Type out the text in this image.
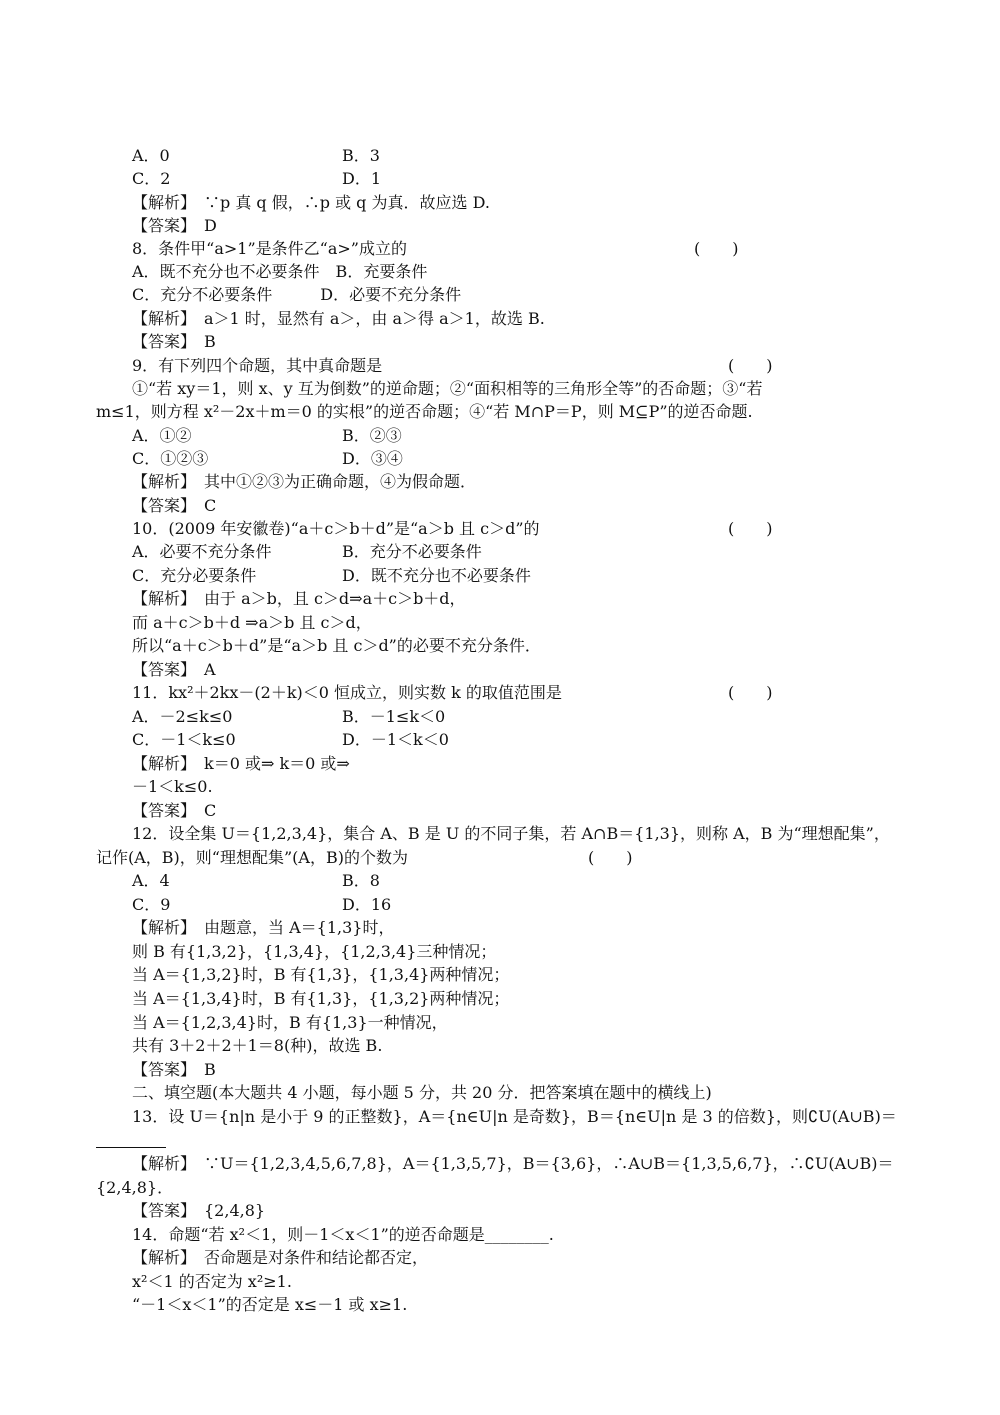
A．0	B．3
C．2	D．1
【解析】　∵p 真 q 假，∴p 或 q 为真．故应选 D.
【答案】　D
8．条件甲“a>1”是条件乙“a>”成立的	(　　)
A．既不充分也不必要条件　B．充要条件
C．充分不必要条件　　　D．必要不充分条件
【解析】　a＞1 时，显然有 a＞，由 a＞得 a＞1，故选 B.
【答案】　B
9．有下列四个命题，其中真命题是	(　　)
①“若 xy＝1，则 x、y 互为倒数”的逆命题；②“面积相等的三角形全等”的否命题；③“若
m≤1，则方程 x²－2x＋m＝0 的实根”的逆否命题；④“若 M∩P＝P，则 M⊆P”的逆否命题.
A．①②	B．②③
C．①②③	D．③④
【解析】　其中①②③为正确命题，④为假命题．
【答案】　C
10．(2009 年安徽卷)“a＋c＞b＋d”是“a＞b 且 c＞d”的	(　　)
A．必要不充分条件	B．充分不必要条件
C．充分必要条件	D．既不充分也不必要条件
【解析】　由于 a＞b，且 c＞d⇒a＋c＞b＋d，
而 a＋c＞b＋d ⇒a＞b 且 c＞d，
所以“a＋c＞b＋d”是“a＞b 且 c＞d”的必要不充分条件．
【答案】　A
11．kx²＋2kx－(2＋k)＜0 恒成立，则实数 k 的取值范围是	(　　)
A．－2≤k≤0	B．－1≤k＜0
C．－1＜k≤0	D．－1＜k＜0
【解析】　k＝0 或⇒ k＝0 或⇒
－1＜k≤0.
【答案】　C
12．设全集 U＝{1,2,3,4}，集合 A、B 是 U 的不同子集，若 A∩B＝{1,3}，则称 A，B 为“理想配集”，
记作(A，B)，则“理想配集”(A，B)的个数为	(　　)
A．4	B．8
C．9	D．16
【解析】　由题意，当 A＝{1,3}时，
则 B 有{1,3,2}，{1,3,4}，{1,2,3,4}三种情况；
当 A＝{1,3,2}时，B 有{1,3}，{1,3,4}两种情况；
当 A＝{1,3,4}时，B 有{1,3}，{1,3,2}两种情况；
当 A＝{1,2,3,4}时，B 有{1,3}一种情况，
共有 3＋2＋2＋1＝8(种)，故选 B.
【答案】　B
二、填空题(本大题共 4 小题，每小题 5 分，共 20 分．把答案填在题中的横线上)
13．设 U＝{n|n 是小于 9 的正整数}，A＝{n∈U|n 是奇数}，B＝{n∈U|n 是 3 的倍数}，则∁U(A∪B)＝
【解析】　∵U＝{1,2,3,4,5,6,7,8}，A＝{1,3,5,7}，B＝{3,6}，∴A∪B＝{1,3,5,6,7}，∴∁U(A∪B)＝
{2,4,8}．
【答案】　{2,4,8}
14．命题“若 x²＜1，则－1＜x＜1”的逆否命题是________.
【解析】　否命题是对条件和结论都否定，
x²＜1 的否定为 x²≥1.
“－1＜x＜1”的否定是 x≤－1 或 x≥1.
